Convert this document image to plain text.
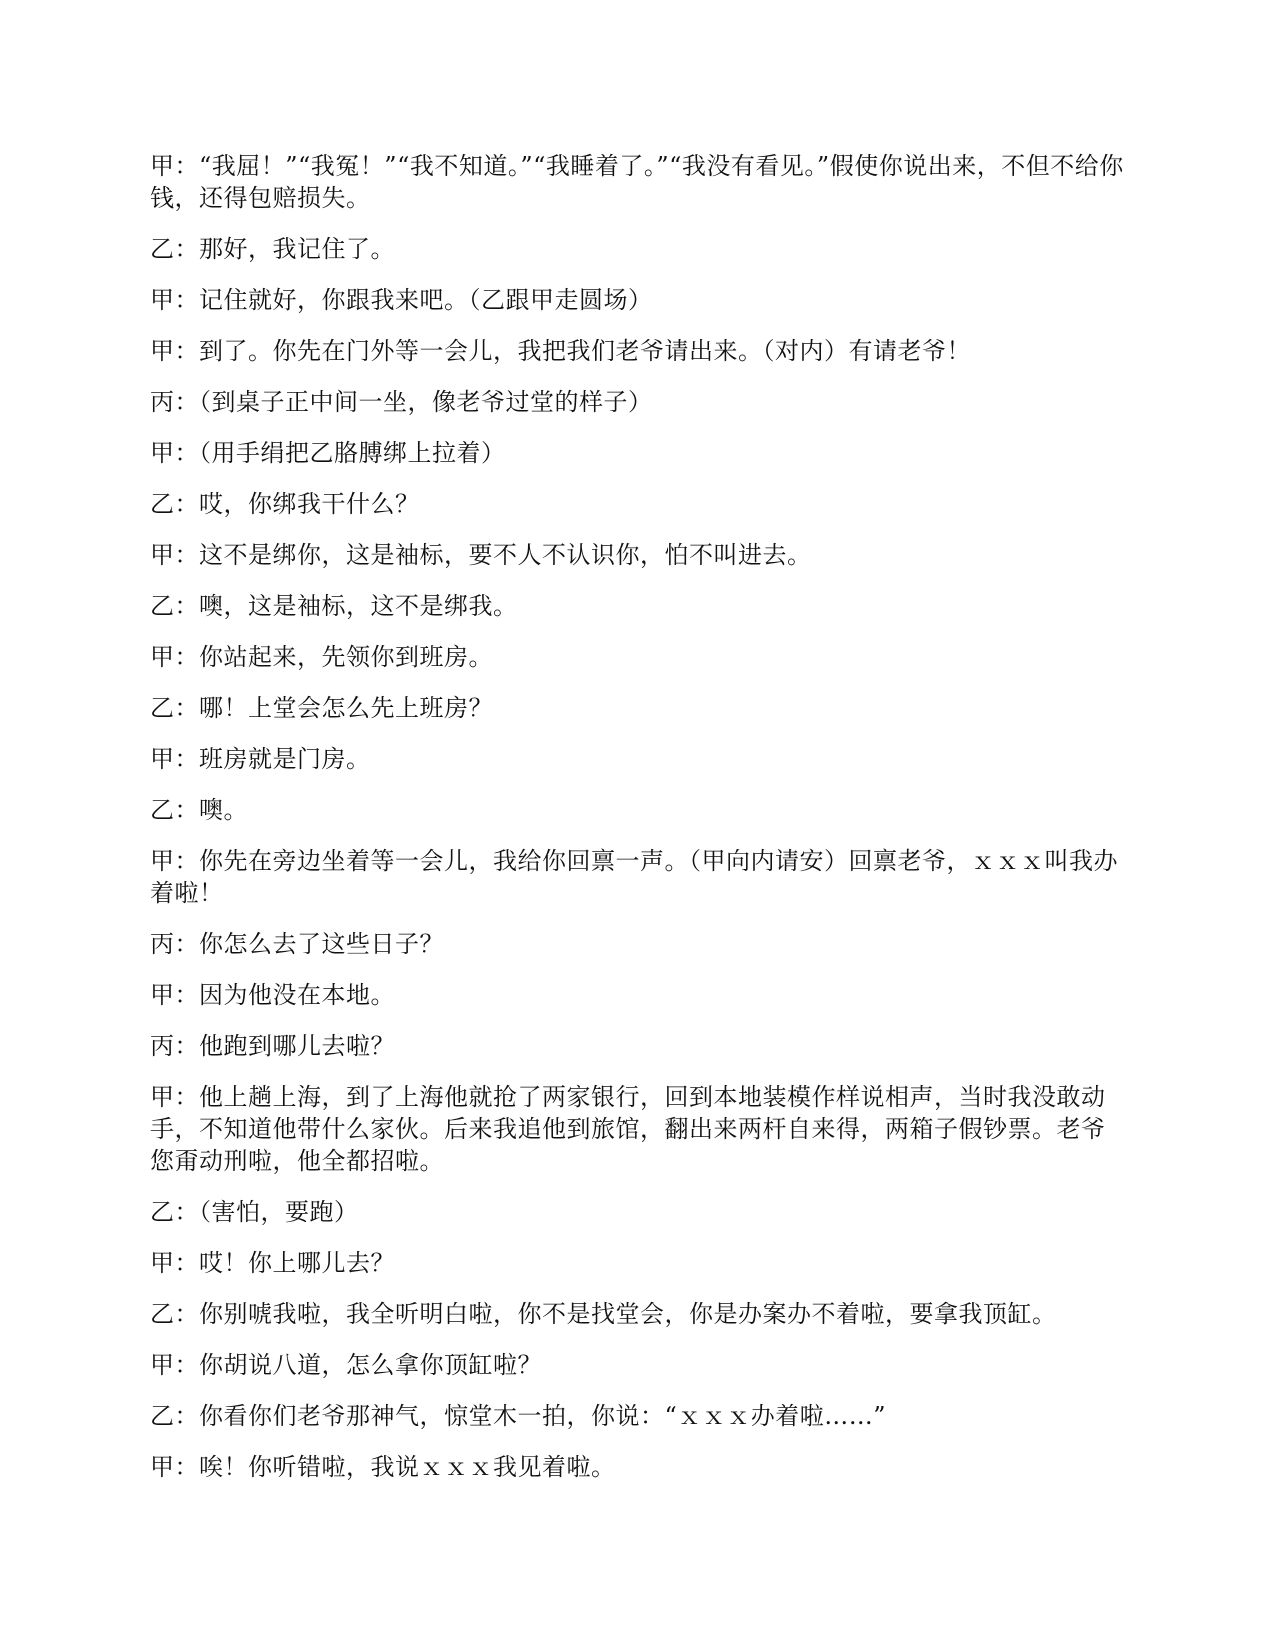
甲：“我屈！”“我冤！”“我不知道。”“我睡着了。”“我没有看见。”假使你说出来，不但不给你钱，还得包赔损失。

乙：那好，我记住了。

甲：记住就好，你跟我来吧。（乙跟甲走圆场）

甲：到了。你先在门外等一会儿，我把我们老爷请出来。（对内）有请老爷！

丙：（到桌子正中间一坐，像老爷过堂的样子）

甲：（用手绢把乙胳膊绑上拉着）

乙：哎，你绑我干什么？

甲：这不是绑你，这是袖标，要不人不认识你，怕不叫进去。

乙：噢，这是袖标，这不是绑我。

甲：你站起来，先领你到班房。

乙：哪！上堂会怎么先上班房？

甲：班房就是门房。

乙：噢。

甲：你先在旁边坐着等一会儿，我给你回禀一声。（甲向内请安）回禀老爷，ｘｘｘ叫我办着啦！

丙：你怎么去了这些日子？

甲：因为他没在本地。

丙：他跑到哪儿去啦？

甲：他上趟上海，到了上海他就抢了两家银行，回到本地装模作样说相声，当时我没敢动手，不知道他带什么家伙。后来我追他到旅馆，翻出来两杆自来得，两箱子假钞票。老爷您甭动刑啦，他全都招啦。

乙：（害怕，要跑）

甲：哎！你上哪儿去？

乙：你别唬我啦，我全听明白啦，你不是找堂会，你是办案办不着啦，要拿我顶缸。

甲：你胡说八道，怎么拿你顶缸啦？

乙：你看你们老爷那神气，惊堂木一拍，你说：“ｘｘｘ办着啦……”

甲：唉！你听错啦，我说ｘｘｘ我见着啦。
